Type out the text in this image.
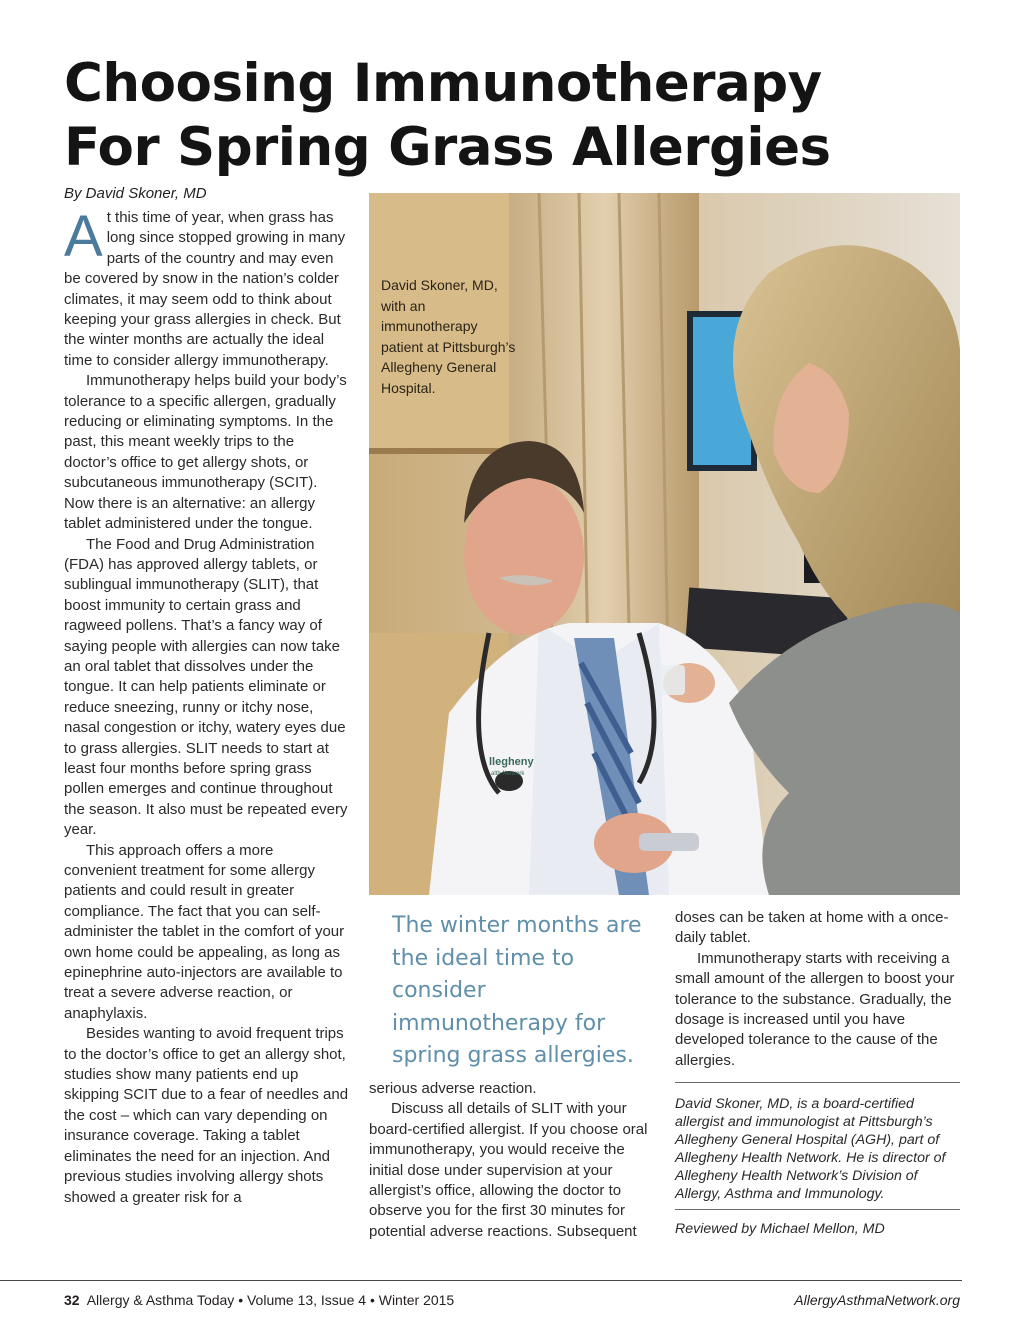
Choosing Immunotherapy
For Spring Grass Allergies
By David Skoner, MD

At this time of year, when grass has long since stopped growing in many parts of the country and may even be covered by snow in the nation’s colder climates, it may seem odd to think about keeping your grass allergies in check. But the winter months are actually the ideal time to consider allergy immunotherapy.

Immunotherapy helps build your body’s tolerance to a specific allergen, gradually reducing or eliminating symptoms. In the past, this meant weekly trips to the doctor’s office to get allergy shots, or subcutaneous immunotherapy (SCIT). Now there is an alternative: an allergy tablet administered under the tongue.

The Food and Drug Administration (FDA) has approved allergy tablets, or sublingual immunotherapy (SLIT), that boost immunity to certain grass and ragweed pollens. That’s a fancy way of saying people with allergies can now take an oral tablet that dissolves under the tongue. It can help patients eliminate or reduce sneezing, runny or itchy nose, nasal congestion or itchy, watery eyes due to grass allergies. SLIT needs to start at least four months before spring grass pollen emerges and continue throughout the season. It also must be repeated every year.

This approach offers a more convenient treatment for some allergy patients and could result in greater compliance. The fact that you can self-administer the tablet in the comfort of your own home could be appealing, as long as epinephrine auto-injectors are available to treat a severe adverse reaction, or anaphylaxis.

Besides wanting to avoid frequent trips to the doctor’s office to get an allergy shot, studies show many patients end up skipping SCIT due to a fear of needles and the cost – which can vary depending on insurance coverage. Taking a tablet eliminates the need for an injection. And previous studies involving allergy shots showed a greater risk for a

llegheny
alth Network
David Skoner, MD, with an immunotherapy patient at Pittsburgh’s Allegheny General Hospital.
The winter months are the ideal time to consider immunotherapy for spring grass allergies.

serious adverse reaction.

Discuss all details of SLIT with your board-certified allergist. If you choose oral immunotherapy, you would receive the initial dose under supervision at your allergist’s office, allowing the doctor to observe you for the first 30 minutes for potential adverse reactions. Subsequent

doses can be taken at home with a once-daily tablet.

Immunotherapy starts with receiving a small amount of the allergen to boost your tolerance to the substance. Gradually, the dosage is increased until you have developed tolerance to the cause of the allergies.

David Skoner, MD, is a board-certified allergist and immunologist at Pittsburgh’s Allegheny General Hospital (AGH), part of Allegheny Health Network. He is director of Allegheny Health Network’s Division of Allergy, Asthma and Immunology.
Reviewed by Michael Mellon, MD
32 Allergy & Asthma Today • Volume 13, Issue 4 • Winter 2015	AllergyAsthmaNetwork.org
